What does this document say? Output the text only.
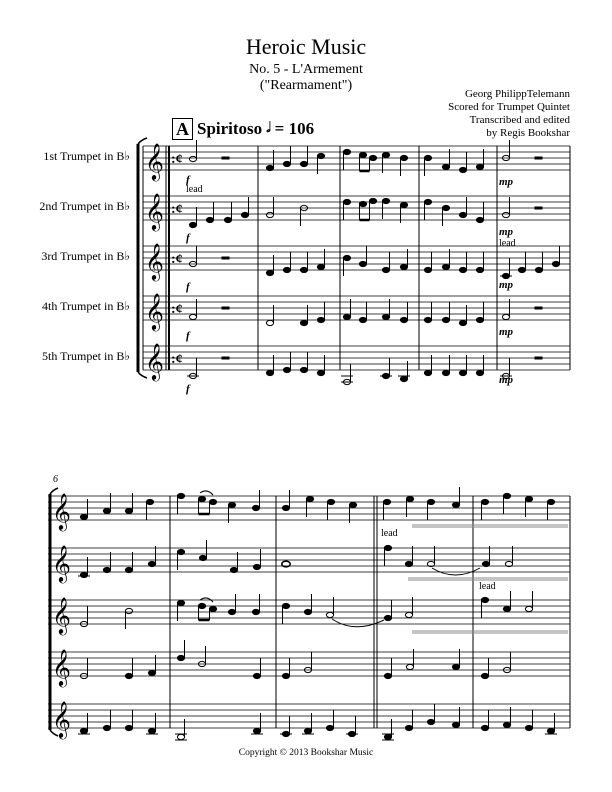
Heroic Music
No. 5 - L'Armement
("Rearmament")
Georg PhilippTelemann
Scored for Trumpet Quintet
Transcribed and edited
by Regis Bookshar
A Spiritoso 𝅗𝅥 = 106
1st Trumpet in B♭
2nd Trumpet in B♭
3rd Trumpet in B♭
4th Trumpet in B♭
5th Trumpet in B♭
𝄞
𝄞
𝄞
𝄞
𝄞
:¢
:¢
:¢
:¢
:¢
𝄞
𝄞
𝄞
𝄞
𝄞
f
lead
f
f
f
f
mp
mp
lead
mp
mp
mp
6
lead
lead
Copyright © 2013 Bookshar Music
